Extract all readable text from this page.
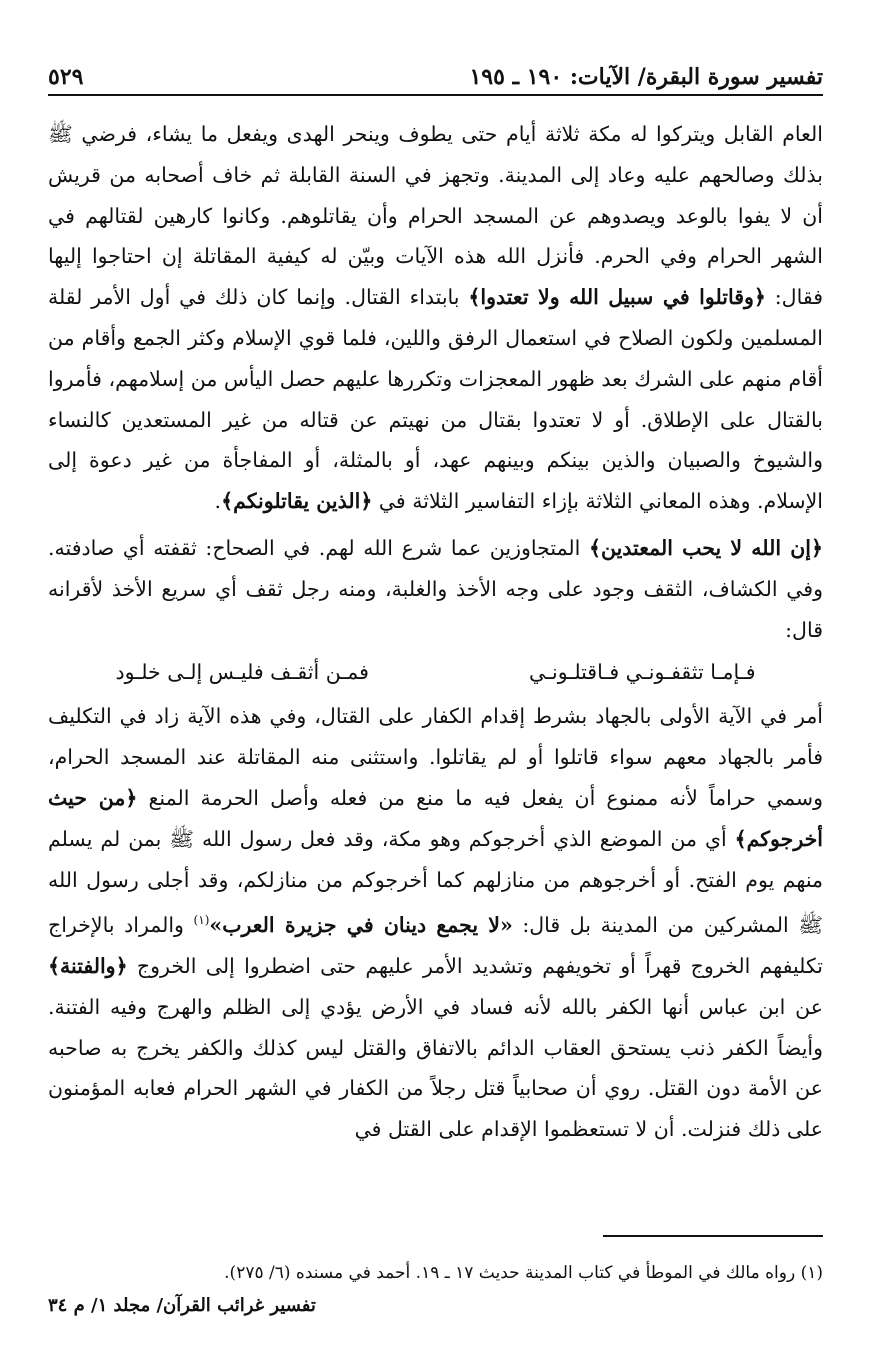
تفسير سورة البقرة/ الآيات: ١٩٠ ـ ١٩٥
٥٢٩

العام القابل ويتركوا له مكة ثلاثة أيام حتى يطوف وينحر الهدى ويفعل ما يشاء، فرضي ﷺ بذلك وصالحهم عليه وعاد إلى المدينة. وتجهز في السنة القابلة ثم خاف أصحابه من قريش أن لا يفوا بالوعد ويصدوهم عن المسجد الحرام وأن يقاتلوهم. وكانوا كارهين لقتالهم في الشهر الحرام وفي الحرم. فأنزل الله هذه الآيات وبيّن له كيفية المقاتلة إن احتاجوا إليها فقال: ﴿وقاتلوا في سبيل الله ولا تعتدوا﴾ بابتداء القتال. وإنما كان ذلك في أول الأمر لقلة المسلمين ولكون الصلاح في استعمال الرفق واللين، فلما قوي الإسلام وكثر الجمع وأقام من أقام منهم على الشرك بعد ظهور المعجزات وتكررها عليهم حصل اليأس من إسلامهم، فأمروا بالقتال على الإطلاق. أو لا تعتدوا بقتال من نهيتم عن قتاله من غير المستعدين كالنساء والشيوخ والصبيان والذين بينكم وبينهم عهد، أو بالمثلة، أو المفاجأة من غير دعوة إلى الإسلام. وهذه المعاني الثلاثة بإزاء التفاسير الثلاثة في ﴿الذين يقاتلونكم﴾.

﴿إن الله لا يحب المعتدين﴾ المتجاوزين عما شرع الله لهم. في الصحاح: ثقفته أي صادفته. وفي الكشاف، الثقف وجود على وجه الأخذ والغلبة، ومنه رجل ثقف أي سريع الأخذ لأقرانه قال:

فـإمـا تثقفـونـي فـاقتلـونـي
فمـن أثقـف فليـس إلـى خلـود

أمر في الآية الأولى بالجهاد بشرط إقدام الكفار على القتال، وفي هذه الآية زاد في التكليف فأمر بالجهاد معهم سواء قاتلوا أو لم يقاتلوا. واستثنى منه المقاتلة عند المسجد الحرام، وسمي حراماً لأنه ممنوع أن يفعل فيه ما منع من فعله وأصل الحرمة المنع ﴿من حيث أخرجوكم﴾ أي من الموضع الذي أخرجوكم وهو مكة، وقد فعل رسول الله ﷺ بمن لم يسلم منهم يوم الفتح. أو أخرجوهم من منازلهم كما أخرجوكم من منازلكم، وقد أجلى رسول الله ﷺ المشركين من المدينة بل قال: «لا يجمع دينان في جزيرة العرب»$^{(١)}$ والمراد بالإخراج تكليفهم الخروج قهراً أو تخويفهم وتشديد الأمر عليهم حتى اضطروا إلى الخروج ﴿والفتنة﴾ عن ابن عباس أنها الكفر بالله لأنه فساد في الأرض يؤدي إلى الظلم والهرج وفيه الفتنة. وأيضاً الكفر ذنب يستحق العقاب الدائم بالاتفاق والقتل ليس كذلك والكفر يخرج به صاحبه عن الأمة دون القتل. روي أن صحابياً قتل رجلاً من الكفار في الشهر الحرام فعابه المؤمنون على ذلك فنزلت. أن لا تستعظموا الإقدام على القتل في

(١) رواه مالك في الموطأ في كتاب المدينة حديث ١٧ ـ ١٩. أحمد في مسنده (٦/ ٢٧٥).
تفسير غرائب القرآن/ مجلد ١/ م ٣٤
